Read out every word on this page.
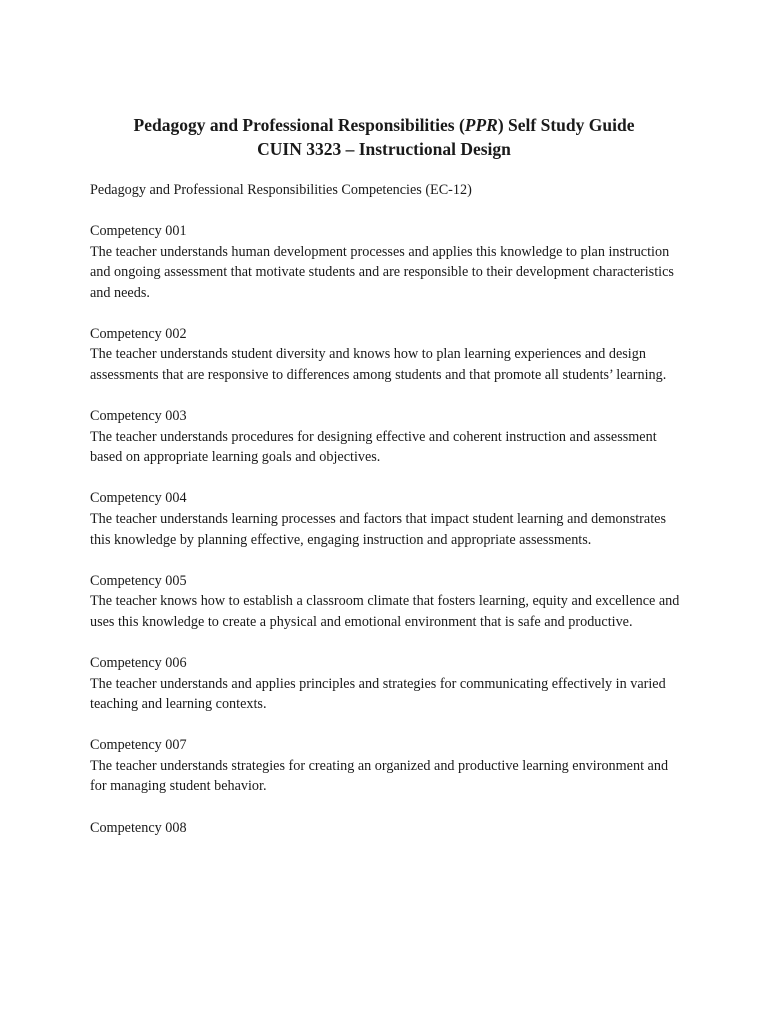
Pedagogy and Professional Responsibilities (PPR) Self Study Guide
CUIN 3323 – Instructional Design
Pedagogy and Professional Responsibilities Competencies (EC-12)
Competency 001
The teacher understands human development processes and applies this knowledge to plan instruction and ongoing assessment that motivate students and are responsible to their development characteristics and needs.
Competency 002
The teacher understands student diversity and knows how to plan learning experiences and design assessments that are responsive to differences among students and that promote all students’ learning.
Competency 003
The teacher understands procedures for designing effective and coherent instruction and assessment based on appropriate learning goals and objectives.
Competency 004
The teacher understands learning processes and factors that impact student learning and demonstrates this knowledge by planning effective, engaging instruction and appropriate assessments.
Competency 005
The teacher knows how to establish a classroom climate that fosters learning, equity and excellence and uses this knowledge to create a physical and emotional environment that is safe and productive.
Competency 006
The teacher understands and applies principles and strategies for communicating effectively in varied teaching and learning contexts.
Competency 007
The teacher understands strategies for creating an organized and productive learning environment and for managing student behavior.
Competency 008
